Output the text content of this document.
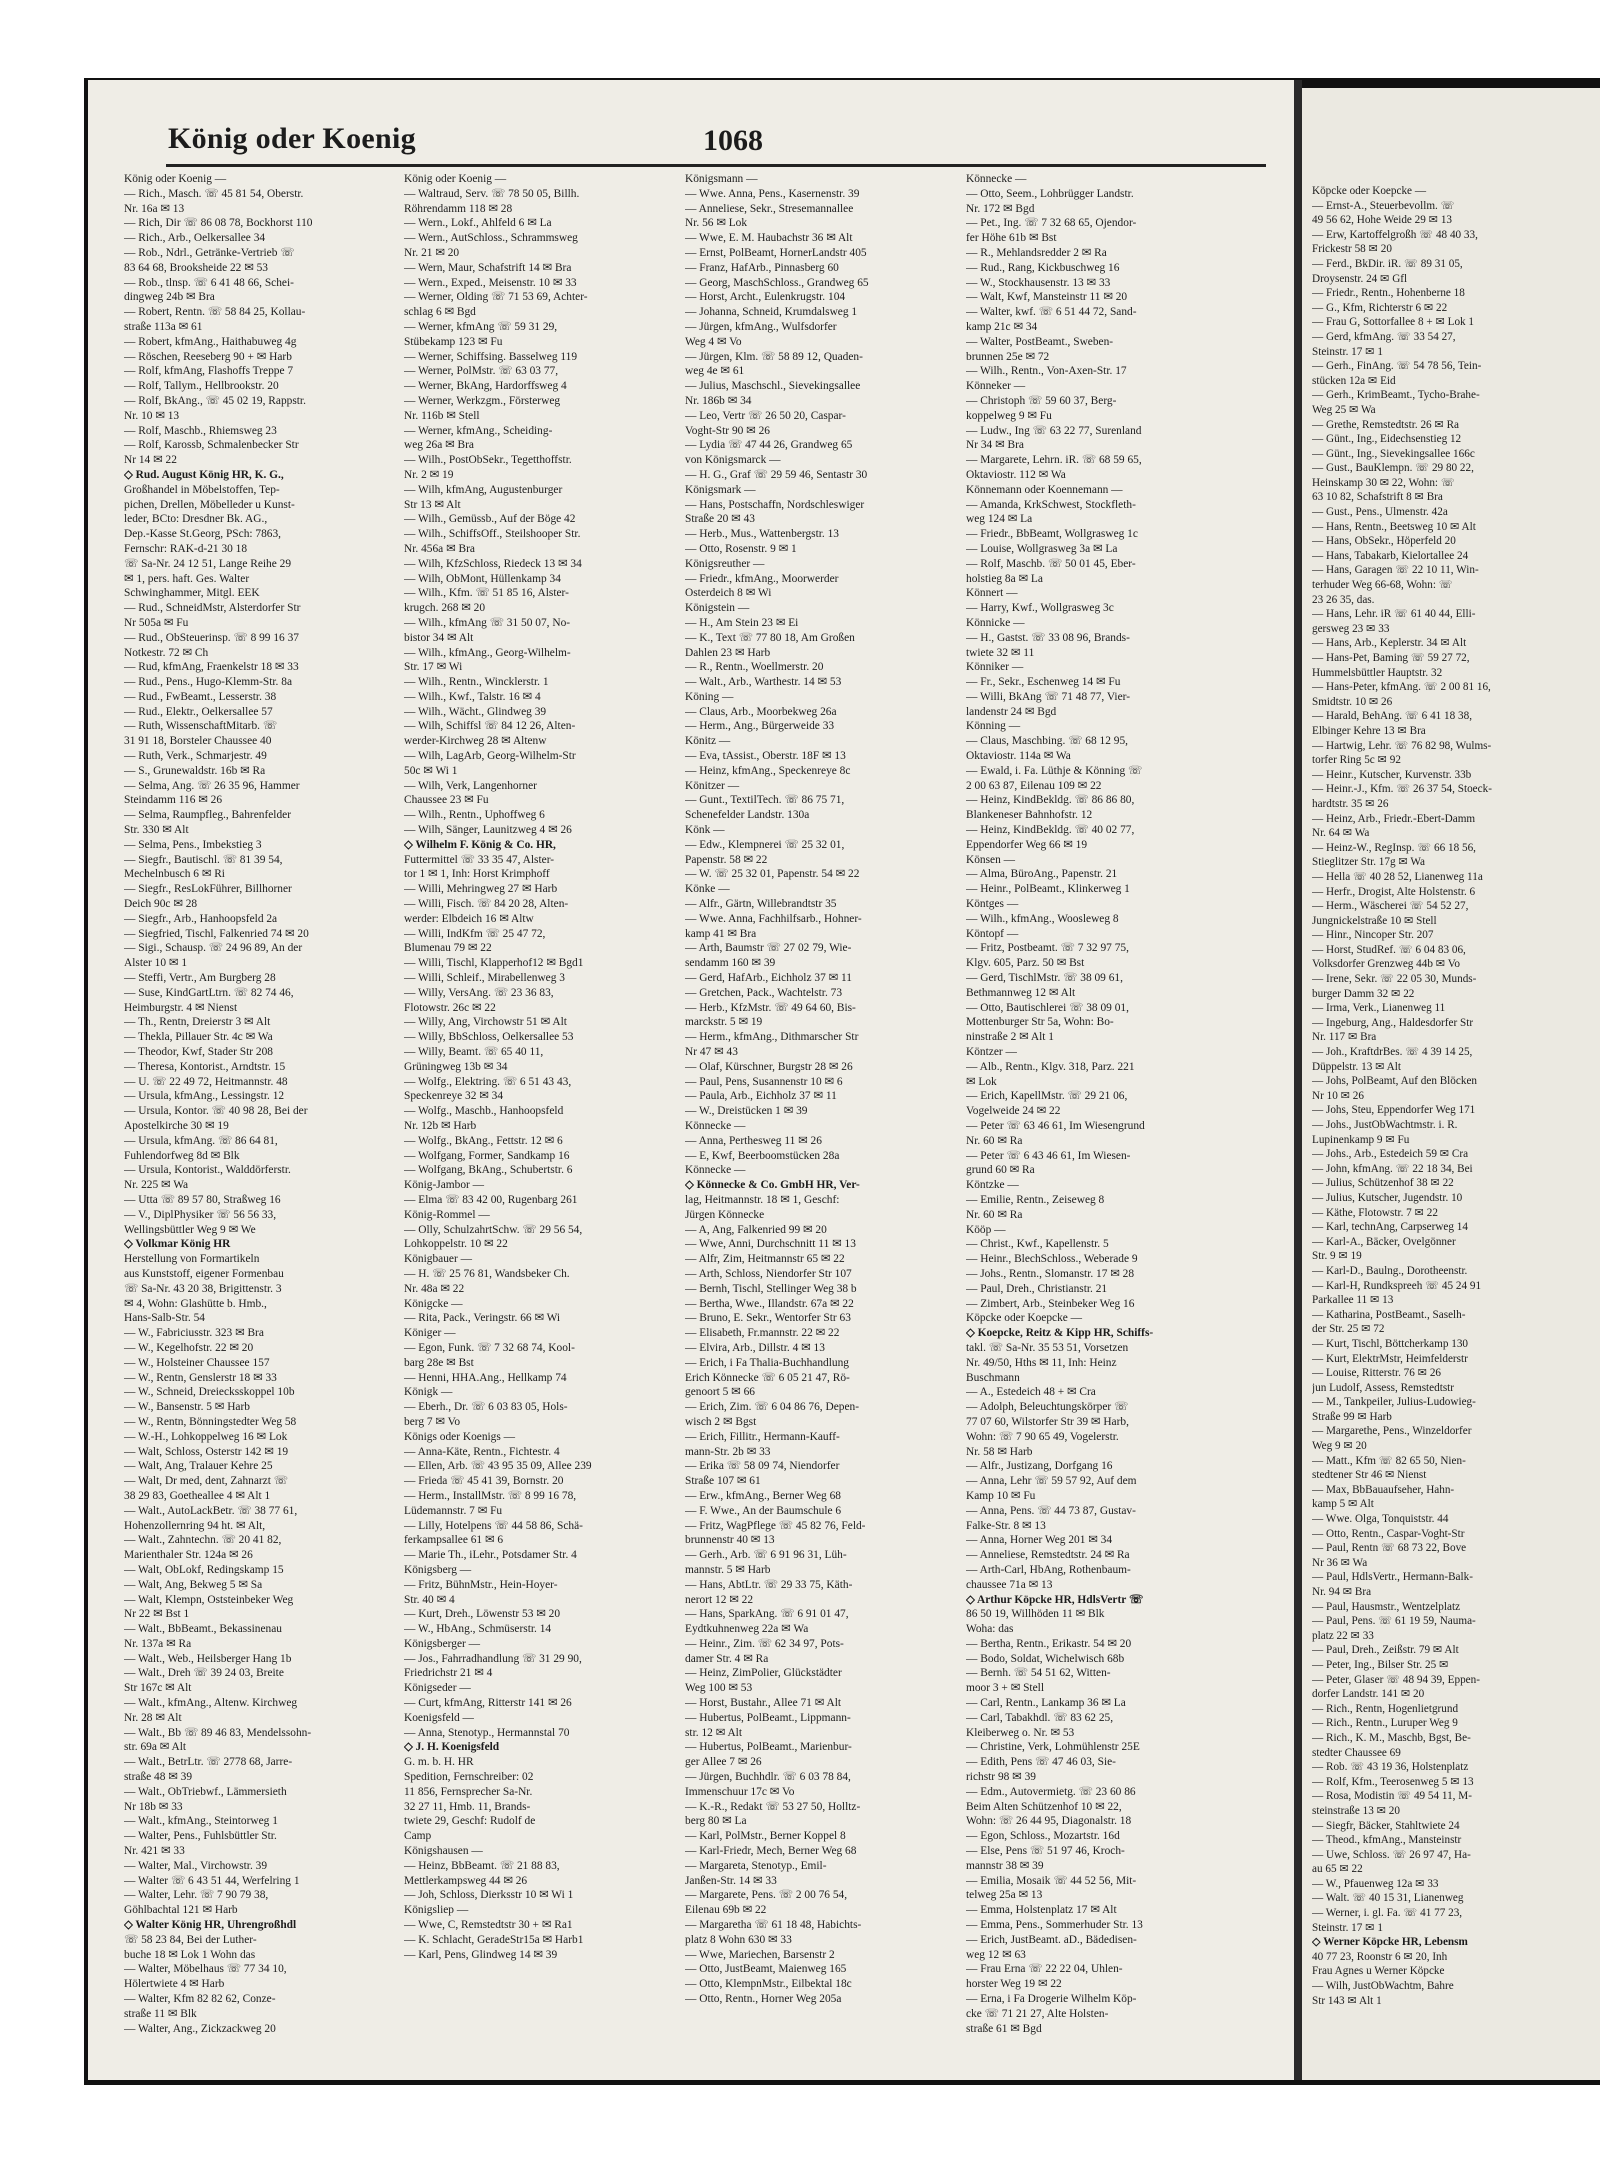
König oder Koenig	1068
König oder Koenig —
— Rich., Masch. ☏ 45 81 54, Oberstr.
Nr. 16a ✉ 13
— Rich, Dir ☏ 86 08 78, Bockhorst 110
— Rich., Arb., Oelkersallee 34
— Rob., Ndrl., Getränke-Vertrieb ☏
83 64 68, Brooksheide 22 ✉ 53
— Rob., tlnsp. ☏ 6 41 48 66, Schei-
dingweg 24b ✉ Bra
— Robert, Rentn. ☏ 58 84 25, Kollau-
straße 113a ✉ 61
— Robert, kfmAng., Haithabuweg 4g
— Röschen, Reeseberg 90 + ✉ Harb
— Rolf, kfmAng, Flashoffs Treppe 7
— Rolf, Tallym., Hellbrookstr. 20
— Rolf, BkAng., ☏ 45 02 19, Rappstr.
Nr. 10 ✉ 13
— Rolf, Maschb., Rhiemsweg 23
— Rolf, Karossb, Schmalenbecker Str
Nr 14 ✉ 22
◇ Rud. August König HR, K. G.,
Großhandel in Möbelstoffen, Tep-
pichen, Drellen, Möbelleder u Kunst-
leder, BCto: Dresdner Bk. AG.,
Dep.-Kasse St.Georg, PSch: 7863,
Fernschr: RAK-d-21 30 18
☏ Sa-Nr. 24 12 51, Lange Reihe 29
✉ 1, pers. haft. Ges. Walter
Schwinghammer, Mitgl. EEK
— Rud., SchneidMstr, Alsterdorfer Str
Nr 505a ✉ Fu
— Rud., ObSteuerinsp. ☏ 8 99 16 37
Notkestr. 72 ✉ Ch
— Rud, kfmAng, Fraenkelstr 18 ✉ 33
— Rud., Pens., Hugo-Klemm-Str. 8a
— Rud., FwBeamt., Lesserstr. 38
— Rud., Elektr., Oelkersallee 57
— Ruth, WissenschaftMitarb. ☏
31 91 18, Borsteler Chaussee 40
— Ruth, Verk., Schmarjestr. 49
— S., Grunewaldstr. 16b ✉ Ra
— Selma, Ang. ☏ 26 35 96, Hammer
Steindamm 116 ✉ 26
— Selma, Raumpfleg., Bahrenfelder
Str. 330 ✉ Alt
— Selma, Pens., Imbekstieg 3
— Siegfr., Bautischl. ☏ 81 39 54,
Mechelnbusch 6 ✉ Ri
— Siegfr., ResLokFührer, Billhorner
Deich 90c ✉ 28
— Siegfr., Arb., Hanhoopsfeld 2a
— Siegfried, Tischl, Falkenried 74 ✉ 20
— Sigi., Schausp. ☏ 24 96 89, An der
Alster 10 ✉ 1
— Steffi, Vertr., Am Burgberg 28
— Suse, KindGartLtrn. ☏ 82 74 46,
Heimburgstr. 4 ✉ Nienst
— Th., Rentn, Dreierstr 3 ✉ Alt
— Thekla, Pillauer Str. 4c ✉ Wa
— Theodor, Kwf, Stader Str 208
— Theresa, Kontorist., Arndtstr. 15
— U. ☏ 22 49 72, Heitmannstr. 48
— Ursula, kfmAng., Lessingstr. 12
— Ursula, Kontor. ☏ 40 98 28, Bei der
Apostelkirche 30 ✉ 19
— Ursula, kfmAng. ☏ 86 64 81,
Fuhlendorfweg 8d ✉ Blk
— Ursula, Kontorist., Walddörferstr.
Nr. 225 ✉ Wa
— Utta ☏ 89 57 80, Straßweg 16
— V., DiplPhysiker ☏ 56 56 33,
Wellingsbüttler Weg 9 ✉ We
◇ Volkmar König HR
Herstellung von Formartikeln
aus Kunststoff, eigener Formenbau
☏ Sa-Nr. 43 20 38, Brigittenstr. 3
✉ 4, Wohn: Glashütte b. Hmb.,
Hans-Salb-Str. 54
— W., Fabriciusstr. 323 ✉ Bra
— W., Kegelhofstr. 22 ✉ 20
— W., Holsteiner Chaussee 157
— W., Rentn, Genslerstr 18 ✉ 33
— W., Schneid, Dreiecksskoppel 10b
— W., Bansenstr. 5 ✉ Harb
— W., Rentn, Bönningstedter Weg 58
— W.-H., Lohkoppelweg 16 ✉ Lok
— Walt, Schloss, Osterstr 142 ✉ 19
— Walt, Ang, Tralauer Kehre 25
— Walt, Dr med, dent, Zahnarzt ☏
38 29 83, Goetheallee 4 ✉ Alt 1
— Walt., AutoLackBetr. ☏ 38 77 61,
Hohenzollernring 94 ht. ✉ Alt,
— Walt., Zahntechn. ☏ 20 41 82,
Marienthaler Str. 124a ✉ 26
— Walt, ObLokf, Redingskamp 15
— Walt, Ang, Bekweg 5 ✉ Sa
— Walt, Klempn, Oststeinbeker Weg
Nr 22 ✉ Bst 1
— Walt., BbBeamt., Bekassinenau
Nr. 137a ✉ Ra
— Walt., Web., Heilsberger Hang 1b
— Walt., Dreh ☏ 39 24 03, Breite
Str 167c ✉ Alt
— Walt., kfmAng., Altenw. Kirchweg
Nr. 28 ✉ Alt
— Walt., Bb ☏ 89 46 83, Mendelssohn-
str. 69a ✉ Alt
— Walt., BetrLtr. ☏ 2778 68, Jarre-
straße 48 ✉ 39
— Walt., ObTriebwf., Lämmersieth
Nr 18b ✉ 33
— Walt., kfmAng., Steintorweg 1
— Walter, Pens., Fuhlsbüttler Str.
Nr. 421 ✉ 33
— Walter, Mal., Virchowstr. 39
— Walter ☏ 6 43 51 44, Werfelring 1
— Walter, Lehr. ☏ 7 90 79 38,
Göhlbachtal 121 ✉ Harb
◇ Walter König HR, Uhrengroßhdl
☏ 58 23 84, Bei der Luther-
buche 18 ✉ Lok 1 Wohn das
— Walter, Möbelhaus ☏ 77 34 10,
Hölertwiete 4 ✉ Harb
— Walter, Kfm 82 82 62, Conze-
straße 11 ✉ Blk
— Walter, Ang., Zickzackweg 20
König oder Koenig —
— Waltraud, Serv. ☏ 78 50 05, Billh.
Röhrendamm 118 ✉ 28
— Wern., Lokf., Ahlfeld 6 ✉ La
— Wern., AutSchloss., Schrammsweg
Nr. 21 ✉ 20
— Wern, Maur, Schafstrift 14 ✉ Bra
— Wern., Exped., Meisenstr. 10 ✉ 33
— Werner, Olding ☏ 71 53 69, Achter-
schlag 6 ✉ Bgd
— Werner, kfmAng ☏ 59 31 29,
Stübekamp 123 ✉ Fu
— Werner, Schiffsing. Basselweg 119
— Werner, PolMstr. ☏ 63 03 77,
— Werner, BkAng, Hardorffsweg 4
— Werner, Werkzgm., Försterweg
Nr. 116b ✉ Stell
— Werner, kfmAng., Scheiding-
weg 26a ✉ Bra
— Wilh., PostObSekr., Tegetthoffstr.
Nr. 2 ✉ 19
— Wilh, kfmAng, Augustenburger
Str 13 ✉ Alt
— Wilh., Gemüssb., Auf der Böge 42
— Wilh., SchiffsOff., Steilshooper Str.
Nr. 456a ✉ Bra
— Wilh, KfzSchloss, Riedeck 13 ✉ 34
— Wilh, ObMont, Hüllenkamp 34
— Wilh., Kfm. ☏ 51 85 16, Alster-
krugch. 268 ✉ 20
— Wilh., kfmAng ☏ 31 50 07, No-
bistor 34 ✉ Alt
— Wilh., kfmAng., Georg-Wilhelm-
Str. 17 ✉ Wi
— Wilh., Rentn., Wincklerstr. 1
— Wilh., Kwf., Talstr. 16 ✉ 4
— Wilh., Wächt., Glindweg 39
— Wilh, Schiffsl ☏ 84 12 26, Alten-
werder-Kirchweg 28 ✉ Altenw
— Wilh, LagArb, Georg-Wilhelm-Str
50c ✉ Wi 1
— Wilh, Verk, Langenhorner
Chaussee 23 ✉ Fu
— Wilh., Rentn., Uphoffweg 6
— Wilh, Sänger, Launitzweg 4 ✉ 26
◇ Wilhelm F. König & Co. HR,
Futtermittel ☏ 33 35 47, Alster-
tor 1 ✉ 1, Inh: Horst Krimphoff
— Willi, Mehringweg 27 ✉ Harb
— Willi, Fisch. ☏ 84 20 28, Alten-
werder: Elbdeich 16 ✉ Altw
— Willi, IndKfm ☏ 25 47 72,
Blumenau 79 ✉ 22
— Willi, Tischl, Klapperhof12 ✉ Bgd1
— Willi, Schleif., Mirabellenweg 3
— Willy, VersAng. ☏ 23 36 83,
Flotowstr. 26c ✉ 22
— Willy, Ang, Virchowstr 51 ✉ Alt
— Willy, BbSchloss, Oelkersallee 53
— Willy, Beamt. ☏ 65 40 11,
Grüningweg 13b ✉ 34
— Wolfg., Elektring. ☏ 6 51 43 43,
Speckenreye 32 ✉ 34
— Wolfg., Maschb., Hanhoopsfeld
Nr. 12b ✉ Harb
— Wolfg., BkAng., Fettstr. 12 ✉ 6
— Wolfgang, Former, Sandkamp 16
— Wolfgang, BkAng., Schubertstr. 6
König-Jambor —
— Elma ☏ 83 42 00, Rugenbarg 261
König-Rommel —
— Olly, SchulzahrtSchw. ☏ 29 56 54,
Lohkoppelstr. 10 ✉ 22
Königbauer —
— H. ☏ 25 76 81, Wandsbeker Ch.
Nr. 48a ✉ 22
Königcke —
— Rita, Pack., Veringstr. 66 ✉ Wi
Königer —
— Egon, Funk. ☏ 7 32 68 74, Kool-
barg 28e ✉ Bst
— Henni, HHA.Ang., Hellkamp 74
Königk —
— Eberh., Dr. ☏ 6 03 83 05, Hols-
berg 7 ✉ Vo
Königs oder Koenigs —
— Anna-Käte, Rentn., Fichtestr. 4
— Ellen, Arb. ☏ 43 95 35 09, Allee 239
— Frieda ☏ 45 41 39, Bornstr. 20
— Herm., InstallMstr. ☏ 8 99 16 78,
Lüdemannstr. 7 ✉ Fu
— Lilly, Hotelpens ☏ 44 58 86, Schä-
ferkampsallee 61 ✉ 6
— Marie Th., iLehr., Potsdamer Str. 4
Königsberg —
— Fritz, BühnMstr., Hein-Hoyer-
Str. 40 ✉ 4
— Kurt, Dreh., Löwenstr 53 ✉ 20
— W., HbAng., Schmüserstr. 14
Königsberger —
— Jos., Fahrradhandlung ☏ 31 29 90,
Friedrichstr 21 ✉ 4
Königseder —
— Curt, kfmAng, Ritterstr 141 ✉ 26
Koenigsfeld —
— Anna, Stenotyp., Hermannstal 70
◇ J. H. Koenigsfeld
G. m. b. H. HR
Spedition, Fernschreiber: 02
11 856, Fernsprecher Sa-Nr.
32 27 11, Hmb. 11, Brands-
twiete 29, Geschf: Rudolf de
Camp
Königshausen —
— Heinz, BbBeamt. ☏ 21 88 83,
Mettlerkampsweg 44 ✉ 26
— Joh, Schloss, Dierksstr 10 ✉ Wi 1
Königsliep —
— Wwe, C, Remstedtstr 30 + ✉ Ra1
— K. Schlacht, GeradeStr15a ✉ Harb1
— Karl, Pens, Glindweg 14 ✉ 39
Königsmann —
— Wwe. Anna, Pens., Kasernenstr. 39
— Anneliese, Sekr., Stresemannallee
Nr. 56 ✉ Lok
— Wwe, E. M. Haubachstr 36 ✉ Alt
— Ernst, PolBeamt, HornerLandstr 405
— Franz, HafArb., Pinnasberg 60
— Georg, MaschSchloss., Grandweg 65
— Horst, Archt., Eulenkrugstr. 104
— Johanna, Schneid, Krumdalsweg 1
— Jürgen, kfmAng., Wulfsdorfer
Weg 4 ✉ Vo
— Jürgen, Klm. ☏ 58 89 12, Quaden-
weg 4e ✉ 61
— Julius, Maschschl., Sievekingsallee
Nr. 186b ✉ 34
— Leo, Vertr ☏ 26 50 20, Caspar-
Voght-Str 90 ✉ 26
— Lydia ☏ 47 44 26, Grandweg 65
von Königsmarck —
— H. G., Graf ☏ 29 59 46, Sentastr 30
Königsmark —
— Hans, Postschaffn, Nordschleswiger
Straße 20 ✉ 43
— Herb., Mus., Wattenbergstr. 13
— Otto, Rosenstr. 9 ✉ 1
Königsreuther —
— Friedr., kfmAng., Moorwerder
Osterdeich 8 ✉ Wi
Königstein —
— H., Am Stein 23 ✉ Ei
— K., Text ☏ 77 80 18, Am Großen
Dahlen 23 ✉ Harb
— R., Rentn., Woellmerstr. 20
— Walt., Arb., Warthestr. 14 ✉ 53
Köning —
— Claus, Arb., Moorbekweg 26a
— Herm., Ang., Bürgerweide 33
Könitz —
— Eva, tAssist., Oberstr. 18F ✉ 13
— Heinz, kfmAng., Speckenreye 8c
Könitzer —
— Gunt., TextilTech. ☏ 86 75 71,
Schenefelder Landstr. 130a
Könk —
— Edw., Klempnerei ☏ 25 32 01,
Papenstr. 58 ✉ 22
— W. ☏ 25 32 01, Papenstr. 54 ✉ 22
Könke —
— Alfr., Gärtn, Willebrandtstr 35
— Wwe. Anna, Fachhilfsarb., Hohner-
kamp 41 ✉ Bra
— Arth, Baumstr ☏ 27 02 79, Wie-
sendamm 160 ✉ 39
— Gerd, HafArb., Eichholz 37 ✉ 11
— Gretchen, Pack., Wachtelstr. 73
— Herb., KfzMstr. ☏ 49 64 60, Bis-
marckstr. 5 ✉ 19
— Herm., kfmAng., Dithmarscher Str
Nr 47 ✉ 43
— Olaf, Kürschner, Burgstr 28 ✉ 26
— Paul, Pens, Susannenstr 10 ✉ 6
— Paula, Arb., Eichholz 37 ✉ 11
— W., Dreistücken 1 ✉ 39
Könnecke —
— Anna, Perthesweg 11 ✉ 26
— E, Kwf, Beerboomstücken 28a
Könnecke —
◇ Könnecke & Co. GmbH HR, Ver-
lag, Heitmannstr. 18 ✉ 1, Geschf:
Jürgen Könnecke
— A, Ang, Falkenried 99 ✉ 20
— Wwe, Anni, Durchschnitt 11 ✉ 13
— Alfr, Zim, Heitmannstr 65 ✉ 22
— Arth, Schloss, Niendorfer Str 107
— Bernh, Tischl, Stellinger Weg 38 b
— Bertha, Wwe., Illandstr. 67a ✉ 22
— Bruno, E. Sekr., Wentorfer Str 63
— Elisabeth, Fr.mannstr. 22 ✉ 22
— Elvira, Arb., Dillstr. 4 ✉ 13
— Erich, i Fa Thalia-Buchhandlung
Erich Könnecke ☏ 6 05 21 47, Rö-
genoort 5 ✉ 66
— Erich, Zim. ☏ 6 04 86 76, Depen-
wisch 2 ✉ Bgst
— Erich, Fillitr., Hermann-Kauff-
mann-Str. 2b ✉ 33
— Erika ☏ 58 09 74, Niendorfer
Straße 107 ✉ 61
— Erw., kfmAng., Berner Weg 68
— F. Wwe., An der Baumschule 6
— Fritz, WagPflege ☏ 45 82 76, Feld-
brunnenstr 40 ✉ 13
— Gerh., Arb. ☏ 6 91 96 31, Lüh-
mannstr. 5 ✉ Harb
— Hans, AbtLtr. ☏ 29 33 75, Käth-
nerort 12 ✉ 22
— Hans, SparkAng. ☏ 6 91 01 47,
Eydtkuhnenweg 22a ✉ Wa
— Heinr., Zim. ☏ 62 34 97, Pots-
damer Str. 4 ✉ Ra
— Heinz, ZimPolier, Glückstädter
Weg 100 ✉ 53
— Horst, Bustahr., Allee 71 ✉ Alt
— Hubertus, PolBeamt., Lippmann-
str. 12 ✉ Alt
— Hubertus, PolBeamt., Marienbur-
ger Allee 7 ✉ 26
— Jürgen, Buchhdlr. ☏ 6 03 78 84,
Immenschuur 17c ✉ Vo
— K.-R., Redakt ☏ 53 27 50, Holltz-
berg 80 ✉ La
— Karl, PolMstr., Berner Koppel 8
— Karl-Friedr, Mech, Berner Weg 68
— Margareta, Stenotyp., Emil-
Janßen-Str. 14 ✉ 33
— Margarete, Pens. ☏ 2 00 76 54,
Eilenau 69b ✉ 22
— Margaretha ☏ 61 18 48, Habichts-
platz 8 Wohn 630 ✉ 33
— Wwe, Mariechen, Barsenstr 2
— Otto, JustBeamt, Maienweg 165
— Otto, KlempnMstr., Eilbektal 18c
— Otto, Rentn., Horner Weg 205a
Könnecke —
— Otto, Seem., Lohbrügger Landstr.
Nr. 172 ✉ Bgd
— Pet., Ing. ☏ 7 32 68 65, Ojendor-
fer Höhe 61b ✉ Bst
— R., Mehlandsredder 2 ✉ Ra
— Rud., Rang, Kickbuschweg 16
— W., Stockhausenstr. 13 ✉ 33
— Walt, Kwf, Mansteinstr 11 ✉ 20
— Walter, kwf. ☏ 6 51 44 72, Sand-
kamp 21c ✉ 34
— Walter, PostBeamt., Sweben-
brunnen 25e ✉ 72
— Wilh., Rentn., Von-Axen-Str. 17
Könneker —
— Christoph ☏ 59 60 37, Berg-
koppelweg 9 ✉ Fu
— Ludw., Ing ☏ 63 22 77, Surenland
Nr 34 ✉ Bra
— Margarete, Lehrn. iR. ☏ 68 59 65,
Oktaviostr. 112 ✉ Wa
Könnemann oder Koennemann —
— Amanda, KrkSchwest, Stockfleth-
weg 124 ✉ La
— Friedr., BbBeamt, Wollgrasweg 1c
— Louise, Wollgrasweg 3a ✉ La
— Rolf, Maschb. ☏ 50 01 45, Eber-
holstieg 8a ✉ La
Könnert —
— Harry, Kwf., Wollgrasweg 3c
Könnicke —
— H., Gastst. ☏ 33 08 96, Brands-
twiete 32 ✉ 11
Könniker —
— Fr., Sekr., Eschenweg 14 ✉ Fu
— Willi, BkAng ☏ 71 48 77, Vier-
landenstr 24 ✉ Bgd
Könning —
— Claus, Maschbing. ☏ 68 12 95,
Oktaviostr. 114a ✉ Wa
— Ewald, i. Fa. Lüthje & Könning ☏
2 00 63 87, Eilenau 109 ✉ 22
— Heinz, KindBekldg. ☏ 86 86 80,
Blankeneser Bahnhofstr. 12
— Heinz, KindBekldg. ☏ 40 02 77,
Eppendorfer Weg 66 ✉ 19
Könsen —
— Alma, BüroAng., Papenstr. 21
— Heinr., PolBeamt., Klinkerweg 1
Köntges —
— Wilh., kfmAng., Woosleweg 8
Köntopf —
— Fritz, Postbeamt. ☏ 7 32 97 75,
Klgv. 605, Parz. 50 ✉ Bst
— Gerd, TischlMstr. ☏ 38 09 61,
Bethmannweg 12 ✉ Alt
— Otto, Bautischlerei ☏ 38 09 01,
Mottenburger Str 5a, Wohn: Bo-
ninstraße 2 ✉ Alt 1
Köntzer —
— Alb., Rentn., Klgv. 318, Parz. 221
✉ Lok
— Erich, KapellMstr. ☏ 29 21 06,
Vogelweide 24 ✉ 22
— Peter ☏ 63 46 61, Im Wiesengrund
Nr. 60 ✉ Ra
— Peter ☏ 6 43 46 61, Im Wiesen-
grund 60 ✉ Ra
Köntzke —
— Emilie, Rentn., Zeiseweg 8
Nr. 60 ✉ Ra
Kööp —
— Christ., Kwf., Kapellenstr. 5
— Heinr., BlechSchloss., Weberade 9
— Johs., Rentn., Slomanstr. 17 ✉ 28
— Paul, Dreh., Christianstr. 21
— Zimbert, Arb., Steinbeker Weg 16
Köpcke oder Koepcke —
◇ Koepcke, Reitz & Kipp HR, Schiffs-
takl. ☏ Sa-Nr. 35 53 51, Vorsetzen
Nr. 49/50, Hths ✉ 11, Inh: Heinz
Buschmann
— A., Estedeich 48 + ✉ Cra
— Adolph, Beleuchtungskörper ☏
77 07 60, Wilstorfer Str 39 ✉ Harb,
Wohn: ☏ 7 90 65 49, Vogelerstr.
Nr. 58 ✉ Harb
— Alfr., Justizang, Dorfgang 16
— Anna, Lehr ☏ 59 57 92, Auf dem
Kamp 10 ✉ Fu
— Anna, Pens. ☏ 44 73 87, Gustav-
Falke-Str. 8 ✉ 13
— Anna, Horner Weg 201 ✉ 34
— Anneliese, Remstedtstr. 24 ✉ Ra
— Arth-Carl, HbAng, Rothenbaum-
chaussee 71a ✉ 13
◇ Arthur Köpcke HR, HdlsVertr ☏
86 50 19, Willhöden 11 ✉ Blk
Woha: das
— Bertha, Rentn., Erikastr. 54 ✉ 20
— Bodo, Soldat, Wichelwisch 68b
— Bernh. ☏ 54 51 62, Witten-
moor 3 + ✉ Stell
— Carl, Rentn., Lankamp 36 ✉ La
— Carl, Tabakhdl. ☏ 83 62 25,
Kleiberweg o. Nr. ✉ 53
— Christine, Verk, Lohmühlenstr 25E
— Edith, Pens ☏ 47 46 03, Sie-
richstr 98 ✉ 39
— Edm., Autovermietg. ☏ 23 60 86
Beim Alten Schützenhof 10 ✉ 22,
Wohn: ☏ 26 44 95, Diagonalstr. 18
— Egon, Schloss., Mozartstr. 16d
— Else, Pens ☏ 51 97 46, Kroch-
mannstr 38 ✉ 39
— Emilia, Mosaik ☏ 44 52 56, Mit-
telweg 25a ✉ 13
— Emma, Holstenplatz 17 ✉ Alt
— Emma, Pens., Sommerhuder Str. 13
— Erich, JustBeamt. aD., Bädedisen-
weg 12 ✉ 63
— Frau Erna ☏ 22 22 04, Uhlen-
horster Weg 19 ✉ 22
— Erna, i Fa Drogerie Wilhelm Köp-
cke ☏ 71 21 27, Alte Holsten-
straße 61 ✉ Bgd
Köpcke oder Koepcke —
— Ernst-A., Steuerbevollm. ☏
49 56 62, Hohe Weide 29 ✉ 13
— Erw, Kartoffelgroßh ☏ 48 40 33,
Frickestr 58 ✉ 20
— Ferd., BkDir. iR. ☏ 89 31 05,
Droysenstr. 24 ✉ Gfl
— Friedr., Rentn., Hohenberne 18
— G., Kfm, Richterstr 6 ✉ 22
— Frau G, Sottorfallee 8 + ✉ Lok 1
— Gerd, kfmAng. ☏ 33 54 27,
Steinstr. 17 ✉ 1
— Gerh., FinAng. ☏ 54 78 56, Tein-
stücken 12a ✉ Eid
— Gerh., KrimBeamt., Tycho-Brahe-
Weg 25 ✉ Wa
— Grethe, Remstedtstr. 26 ✉ Ra
— Günt., Ing., Eidechsenstieg 12
— Günt., Ing., Sievekingsallee 166c
— Gust., BauKlempn. ☏ 29 80 22,
Heinskamp 30 ✉ 22, Wohn: ☏
63 10 82, Schafstrift 8 ✉ Bra
— Gust., Pens., Ulmenstr. 42a
— Hans, Rentn., Beetsweg 10 ✉ Alt
— Hans, ObSekr., Höperfeld 20
— Hans, Tabakarb, Kielortallee 24
— Hans, Garagen ☏ 22 10 11, Win-
terhuder Weg 66-68, Wohn: ☏
23 26 35, das.
— Hans, Lehr. iR ☏ 61 40 44, Elli-
gersweg 23 ✉ 33
— Hans, Arb., Keplerstr. 34 ✉ Alt
— Hans-Pet, Baming ☏ 59 27 72,
Hummelsbüttler Hauptstr. 32
— Hans-Peter, kfmAng. ☏ 2 00 81 16,
Smidtstr. 10 ✉ 26
— Harald, BehAng. ☏ 6 41 18 38,
Elbinger Kehre 13 ✉ Bra
— Hartwig, Lehr. ☏ 76 82 98, Wulms-
torfer Ring 5c ✉ 92
— Heinr., Kutscher, Kurvenstr. 33b
— Heinr.-J., Kfm. ☏ 26 37 54, Stoeck-
hardtstr. 35 ✉ 26
— Heinz, Arb., Friedr.-Ebert-Damm
Nr. 64 ✉ Wa
— Heinz-W., RegInsp. ☏ 66 18 56,
Stieglitzer Str. 17g ✉ Wa
— Hella ☏ 40 28 52, Lianenweg 11a
— Herfr., Drogist, Alte Holstenstr. 6
— Herm., Wäscherei ☏ 54 52 27,
Jungnickelstraße 10 ✉ Stell
— Hinr., Nincoper Str. 207
— Horst, StudRef. ☏ 6 04 83 06,
Volksdorfer Grenzweg 44b ✉ Vo
— Irene, Sekr. ☏ 22 05 30, Munds-
burger Damm 32 ✉ 22
— Irma, Verk., Lianenweg 11
— Ingeburg, Ang., Haldesdorfer Str
Nr. 117 ✉ Bra
— Joh., KraftdrBes. ☏ 4 39 14 25,
Düppelstr. 13 ✉ Alt
— Johs, PolBeamt, Auf den Blöcken
Nr 10 ✉ 26
— Johs, Steu, Eppendorfer Weg 171
— Johs., JustObWachtmstr. i. R.
Lupinenkamp 9 ✉ Fu
— Johs., Arb., Estedeich 59 ✉ Cra
— John, kfmAng. ☏ 22 18 34, Bei
— Julius, Schützenhof 38 ✉ 22
— Julius, Kutscher, Jugendstr. 10
— Käthe, Flotowstr. 7 ✉ 22
— Karl, technAng, Carpserweg 14
— Karl-A., Bäcker, Ovelgönner
Str. 9 ✉ 19
— Karl-D., Baulng., Dorotheenstr.
— Karl-H, Rundkspreeh ☏ 45 24 91
Parkallee 11 ✉ 13
— Katharina, PostBeamt., Saselh-
der Str. 25 ✉ 72
— Kurt, Tischl, Böttcherkamp 130
— Kurt, ElektrMstr, Heimfelderstr
— Louise, Ritterstr. 76 ✉ 26
jun Ludolf, Assess, Remstedtstr
— M., Tankpeiler, Julius-Ludowieg-
Straße 99 ✉ Harb
— Margarethe, Pens., Winzeldorfer
Weg 9 ✉ 20
— Matt., Kfm ☏ 82 65 50, Nien-
stedtener Str 46 ✉ Nienst
— Max, BbBauaufseher, Hahn-
kamp 5 ✉ Alt
— Wwe. Olga, Tonquiststr. 44
— Otto, Rentn., Caspar-Voght-Str
— Paul, Rentn ☏ 68 73 22, Bove
Nr 36 ✉ Wa
— Paul, HdlsVertr., Hermann-Balk-
Nr. 94 ✉ Bra
— Paul, Hausmstr., Wentzelplatz
— Paul, Pens. ☏ 61 19 59, Nauma-
platz 22 ✉ 33
— Paul, Dreh., Zeißstr. 79 ✉ Alt
— Peter, Ing., Bilser Str. 25 ✉
— Peter, Glaser ☏ 48 94 39, Eppen-
dorfer Landstr. 141 ✉ 20
— Rich., Rentn, Hogenlietgrund
— Rich., Rentn., Luruper Weg 9
— Rich., K. M., Maschb, Bgst, Be-
stedter Chaussee 69
— Rob. ☏ 43 19 36, Holstenplatz
— Rolf, Kfm., Teerosenweg 5 ✉ 13
— Rosa, Modistin ☏ 49 54 11, M-
steinstraße 13 ✉ 20
— Siegfr, Bäcker, Stahltwiete 24
— Theod., kfmAng., Mansteinstr
— Uwe, Schloss. ☏ 26 97 47, Ha-
au 65 ✉ 22
— W., Pfauenweg 12a ✉ 33
— Walt. ☏ 40 15 31, Lianenweg
— Werner, i. gl. Fa. ☏ 41 77 23,
Steinstr. 17 ✉ 1
◇ Werner Köpcke HR, Lebensm
40 77 23, Roonstr 6 ✉ 20, Inh
Frau Agnes u Werner Köpcke
— Wilh, JustObWachtm, Bahre
Str 143 ✉ Alt 1
